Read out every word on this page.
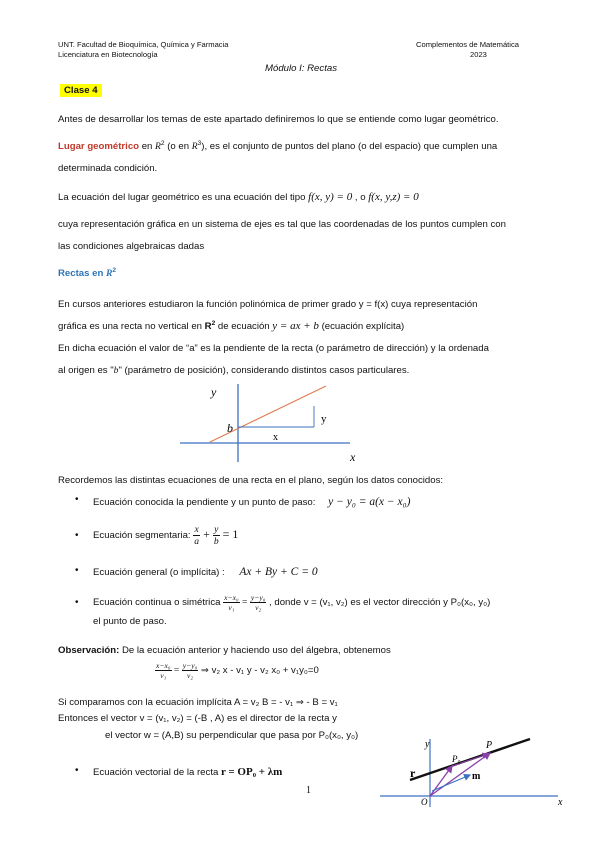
UNT. Facultad de Bioquímica, Química y Farmacia
Licenciatura en Biotecnología
Complementos de Matemática
2023
Módulo I: Rectas
Clase 4
Antes de desarrollar los temas de este apartado definiremos lo que se entiende como lugar geométrico.
Lugar geométrico en $R^2$ (o en $R^3$), es el conjunto de puntos del plano (o del espacio) que cumplen una
determinada condición.
La ecuación del lugar geométrico es una ecuación del tipo f(x, y) = 0 , o f(x, y,z) = 0
cuya representación gráfica en un sistema de ejes es tal que las coordenadas de los puntos cumplen con
las condiciones algebraicas dadas
Rectas en $R^2$
En cursos anteriores estudiaron la función polinómica de primer grado y = f(x) cuya representación
gráfica es una recta no vertical en $R^2$ de ecuación y = ax + b (ecuación explícita)
En dicha ecuación el valor de “a” es la pendiente de la recta (o parámetro de dirección) y la ordenada
al origen es "b" (parámetro de posición), considerando distintos casos particulares.
y
x
b
x
y
Recordemos las distintas ecuaciones de una recta en el plano, según los datos conocidos:
• Ecuación conocida la pendiente y un punto de paso: y − y₀ = a(x − x₀)
• Ecuación segmentaria: $\frac{x}{a} + \frac{y}{b} = 1$
• Ecuación general (o implícita) : Ax + By + C = 0
• Ecuación continua o simétrica $\frac{\text{x−x₀}}{\text{v₁}} = \frac{\text{y−y₀}}{\text{v₂}}$ , donde v = (v₁, v₂) es el vector dirección y P₀(x₀, y₀)
el punto de paso.
Observación: De la ecuación anterior y haciendo uso del álgebra, obtenemos
$\frac{\text{x−x₀}}{\text{v₁}} = \frac{\text{y−y₀}}{\text{v₂}}$ ⇒ v₂ x - v₁ y - v₂ x₀ + v₁y₀=0
Si comparamos con la ecuación implícita A = v₂ B = - v₁ ⇒ - B = v₁
Entonces el vector v = (v₁, v₂) = (-B , A) es el director de la recta y
el vector w = (A,B) su perpendicular que pasa por P₀(x₀, y₀)
• Ecuación vectorial de la recta r = OP₀ + λm
y
x
r
P₀
P
m
O
1
